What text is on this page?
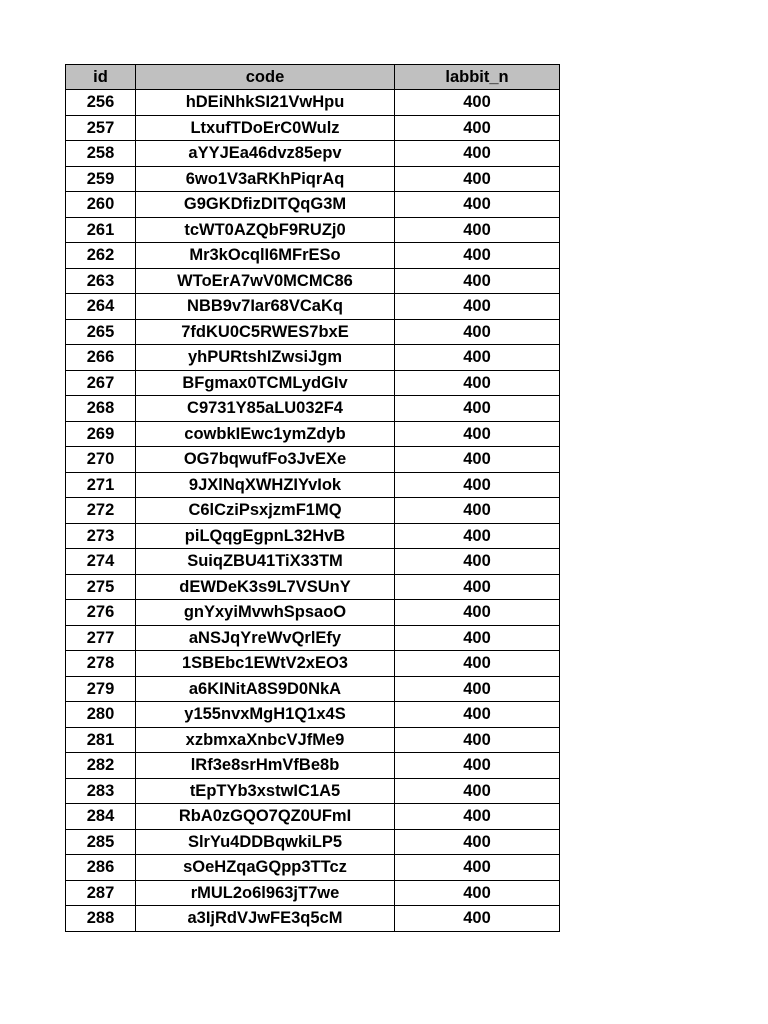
id	code	labbit_n
256	hDEiNhkSI21VwHpu	400
257	LtxufTDoErC0Wulz	400
258	aYYJEa46dvz85epv	400
259	6wo1V3aRKhPiqrAq	400
260	G9GKDfizDITQqG3M	400
261	tcWT0AZQbF9RUZj0	400
262	Mr3kOcqlI6MFrESo	400
263	WToErA7wV0MCMC86	400
264	NBB9v7Iar68VCaKq	400
265	7fdKU0C5RWES7bxE	400
266	yhPURtshIZwsiJgm	400
267	BFgmax0TCMLydGIv	400
268	C9731Y85aLU032F4	400
269	cowbkIEwc1ymZdyb	400
270	OG7bqwufFo3JvEXe	400
271	9JXlNqXWHZIYvIok	400
272	C6lCziPsxjzmF1MQ	400
273	piLQqgEgpnL32HvB	400
274	SuiqZBU41TiX33TM	400
275	dEWDeK3s9L7VSUnY	400
276	gnYxyiMvwhSpsaoO	400
277	aNSJqYreWvQrlEfy	400
278	1SBEbc1EWtV2xEO3	400
279	a6KINitA8S9D0NkA	400
280	y155nvxMgH1Q1x4S	400
281	xzbmxaXnbcVJfMe9	400
282	lRf3e8srHmVfBe8b	400
283	tEpTYb3xstwIC1A5	400
284	RbA0zGQO7QZ0UFmI	400
285	SlrYu4DDBqwkiLP5	400
286	sOeHZqaGQpp3TTcz	400
287	rMUL2o6l963jT7we	400
288	a3IjRdVJwFE3q5cM	400
